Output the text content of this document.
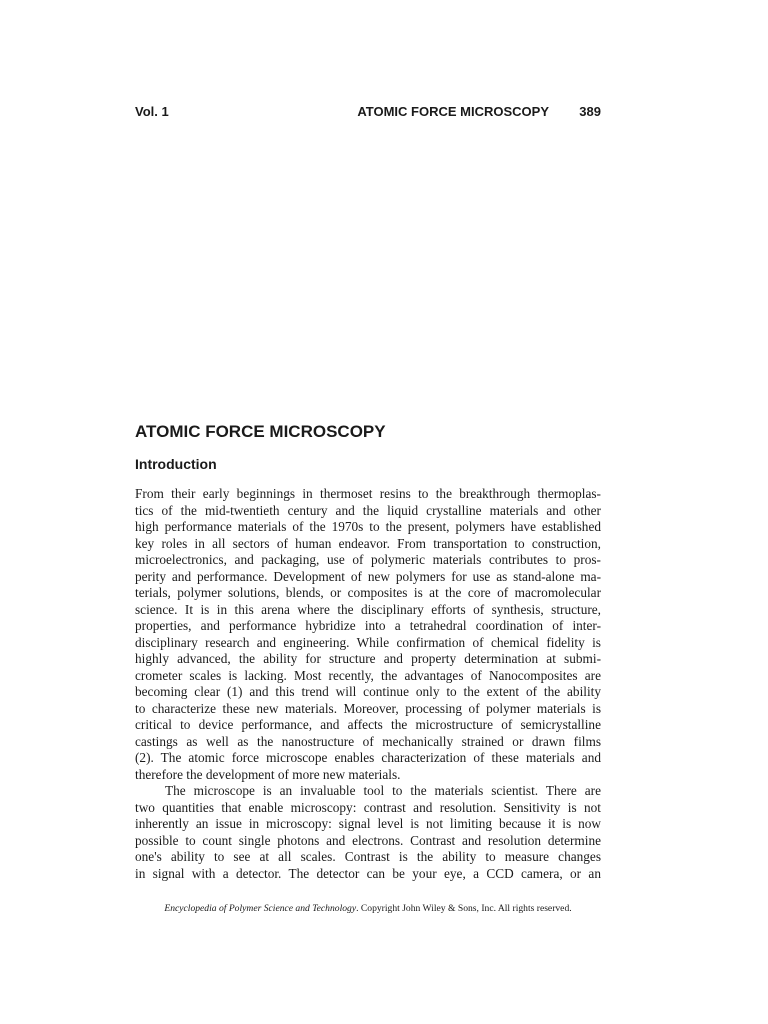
Vol. 1	ATOMIC FORCE MICROSCOPY 389
ATOMIC FORCE MICROSCOPY
Introduction

From their early beginnings in thermoset resins to the breakthrough thermoplas-
tics of the mid-twentieth century and the liquid crystalline materials and other
high performance materials of the 1970s to the present, polymers have established
key roles in all sectors of human endeavor. From transportation to construction,
microelectronics, and packaging, use of polymeric materials contributes to pros-
perity and performance. Development of new polymers for use as stand-alone ma-
terials, polymer solutions, blends, or composites is at the core of macromolecular
science. It is in this arena where the disciplinary efforts of synthesis, structure,
properties, and performance hybridize into a tetrahedral coordination of inter-
disciplinary research and engineering. While confirmation of chemical fidelity is
highly advanced, the ability for structure and property determination at submi-
crometer scales is lacking. Most recently, the advantages of Nanocomposites are
becoming clear (1) and this trend will continue only to the extent of the ability
to characterize these new materials. Moreover, processing of polymer materials is
critical to device performance, and affects the microstructure of semicrystalline
castings as well as the nanostructure of mechanically strained or drawn films
(2). The atomic force microscope enables characterization of these materials and
therefore the development of more new materials.

The microscope is an invaluable tool to the materials scientist. There are
two quantities that enable microscopy: contrast and resolution. Sensitivity is not
inherently an issue in microscopy: signal level is not limiting because it is now
possible to count single photons and electrons. Contrast and resolution determine
one's ability to see at all scales. Contrast is the ability to measure changes
in signal with a detector. The detector can be your eye, a CCD camera, or an

Encyclopedia of Polymer Science and Technology. Copyright John Wiley & Sons, Inc. All rights reserved.
